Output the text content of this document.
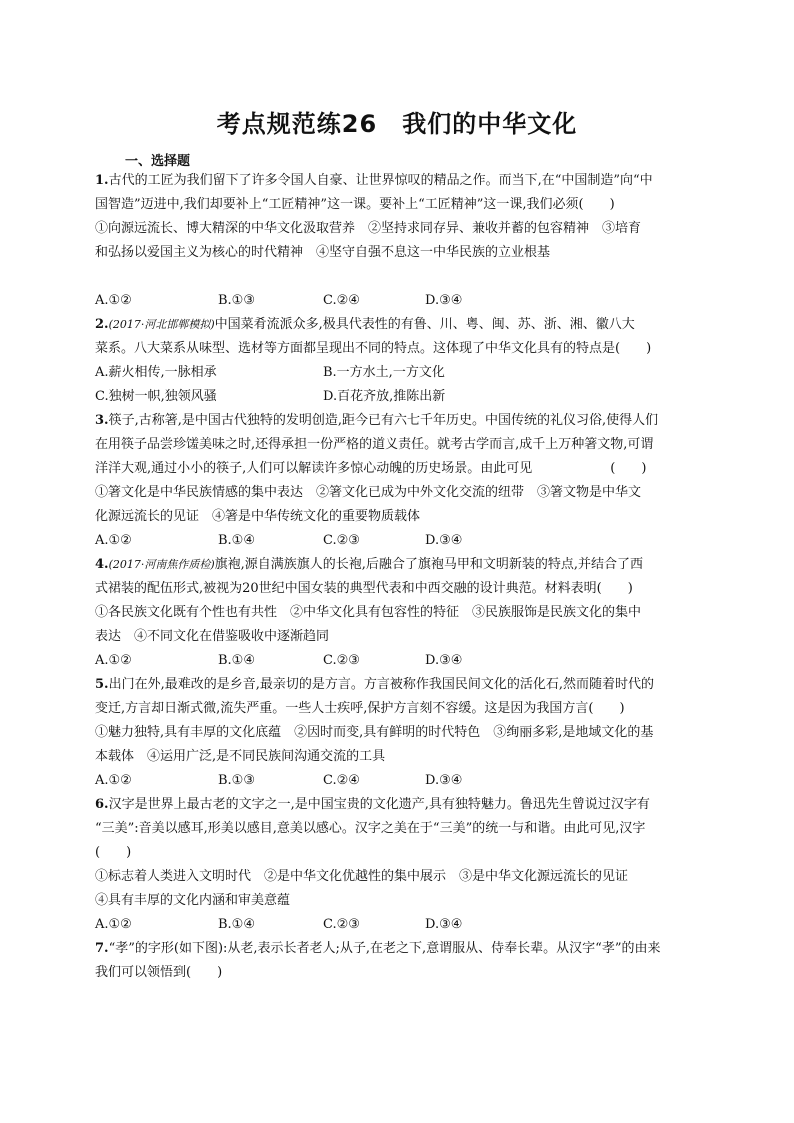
考点规范练26　我们的中华文化
一、选择题
1.古代的工匠为我们留下了许多令国人自豪、让世界惊叹的精品之作。而当下,在“中国制造”向“中
国智造”迈进中,我们却要补上“工匠精神”这一课。要补上“工匠精神”这一课,我们必须(　　)
①向源远流长、博大精深的中华文化汲取营养　②坚持求同存异、兼收并蓄的包容精神　③培育
和弘扬以爱国主义为核心的时代精神　④坚守自强不息这一中华民族的立业根基
A.①②	B.①③	C.②④	D.③④
2.(2017·河北邯郸模拟)中国菜肴流派众多,极具代表性的有鲁、川、粤、闽、苏、浙、湘、徽八大
菜系。八大菜系从味型、选材等方面都呈现出不同的特点。这体现了中华文化具有的特点是(　　)
A.薪火相传,一脉相承	B.一方水土,一方文化
C.独树一帜,独领风骚	D.百花齐放,推陈出新
3.筷子,古称箸,是中国古代独特的发明创造,距今已有六七千年历史。中国传统的礼仪习俗,使得人们
在用筷子品尝珍馐美味之时,还得承担一份严格的道义责任。就考古学而言,成千上万种箸文物,可谓
洋洋大观,通过小小的筷子,人们可以解读许多惊心动魄的历史场景。由此可见　　　　　　(　　)
①箸文化是中华民族情感的集中表达　②箸文化已成为中外文化交流的纽带　③箸文物是中华文
化源远流长的见证　④箸是中华传统文化的重要物质载体
A.①②	B.①④	C.②③	D.③④
4.(2017·河南焦作质检)旗袍,源自满族旗人的长袍,后融合了旗袍马甲和文明新装的特点,并结合了西
式裙装的配伍形式,被视为20世纪中国女装的典型代表和中西交融的设计典范。材料表明(　　)
①各民族文化既有个性也有共性　②中华文化具有包容性的特征　③民族服饰是民族文化的集中
表达　④不同文化在借鉴吸收中逐渐趋同
A.①②	B.①④	C.②③	D.③④
5.出门在外,最难改的是乡音,最亲切的是方言。方言被称作我国民间文化的活化石,然而随着时代的
变迁,方言却日渐式微,流失严重。一些人士疾呼,保护方言刻不容缓。这是因为我国方言(　　)
①魅力独特,具有丰厚的文化底蕴　②因时而变,具有鲜明的时代特色　③绚丽多彩,是地域文化的基
本载体　④运用广泛,是不同民族间沟通交流的工具
A.①②	B.①③	C.②④	D.③④
6.汉字是世界上最古老的文字之一,是中国宝贵的文化遗产,具有独特魅力。鲁迅先生曾说过汉字有
“三美”:音美以感耳,形美以感目,意美以感心。汉字之美在于“三美”的统一与和谐。由此可见,汉字
(　　)
①标志着人类进入文明时代　②是中华文化优越性的集中展示　③是中华文化源远流长的见证
④具有丰厚的文化内涵和审美意蕴
A.①②	B.①④	C.②③	D.③④
7.“孝”的字形(如下图):从老,表示长者老人;从子,在老之下,意谓服从、侍奉长辈。从汉字“孝”的由来
我们可以领悟到(　　)
